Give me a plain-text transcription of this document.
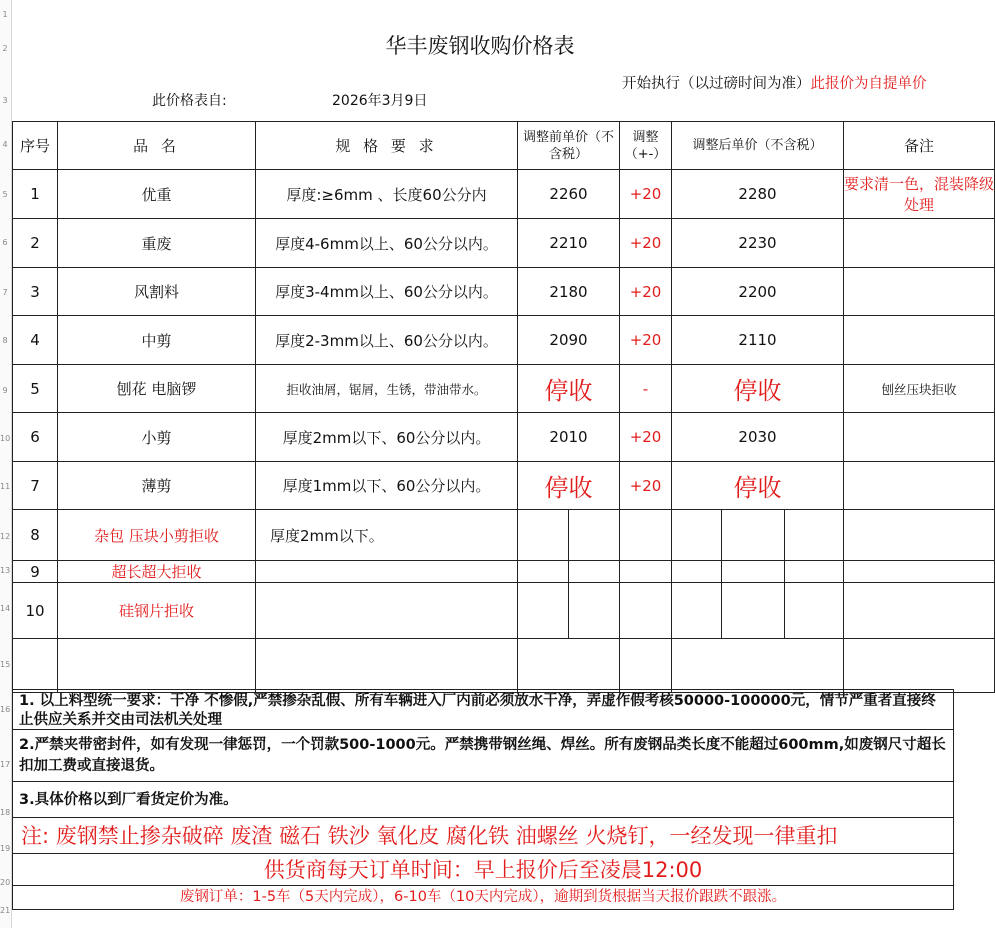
1
2
3
4
5
6
7
8
9
10
11
12
13
14
15
16
17
18
19
20
21
华丰废钢收购价格表
此价格表自:	2026年3月9日
开始执行（以过磅时间为准）此报价为自提单价
序号	品 名	规 格 要 求	调整前单价（不含税）		调整（+-）	调整后单价（不含税）			备注
1	优重	厚度:≥6mm 、长度60公分内	2260		+20	2280			要求清一色，混装降级处理
2	重废	厚度4-6mm以上、60公分以内。	2210		+20	2230			
3	风割料	厚度3-4mm以上、60公分以内。	2180		+20	2200			
4	中剪	厚度2-3mm以上、60公分以内。	2090		+20	2110			
5	刨花 电脑锣	拒收油屑，锯屑，生锈，带油带水。	停收		-	停收			刨丝压块拒收
6	小剪	厚度2mm以下、60公分以内。	2010		+20	2030			
7	薄剪	厚度1mm以下、60公分以内。	停收		+20	停收			
8	杂包 压块小剪拒收	厚度2mm以下。							
9	超长超大拒收								
10	硅钢片拒收								

1. 以上料型统一要求：干净 不惨假,严禁掺杂乱假、所有车辆进入厂内前必须放水干净，弄虚作假考核50000-100000元，情节严重者直接终止供应关系并交由司法机关处理
2.严禁夹带密封件，如有发现一律惩罚，一个罚款500-1000元。严禁携带钢丝绳、焊丝。所有废钢品类长度不能超过600mm,如废钢尺寸超长扣加工费或直接退货。
3.具体价格以到厂看货定价为准。
注: 废钢禁止掺杂破碎 废渣 磁石 铁沙 氧化皮 腐化铁 油螺丝 火烧钉，一经发现一律重扣
供货商每天订单时间：早上报价后至凌晨12:00
废钢订单：1-5车（5天内完成），6-10车（10天内完成），逾期到货根据当天报价跟跌不跟涨。
